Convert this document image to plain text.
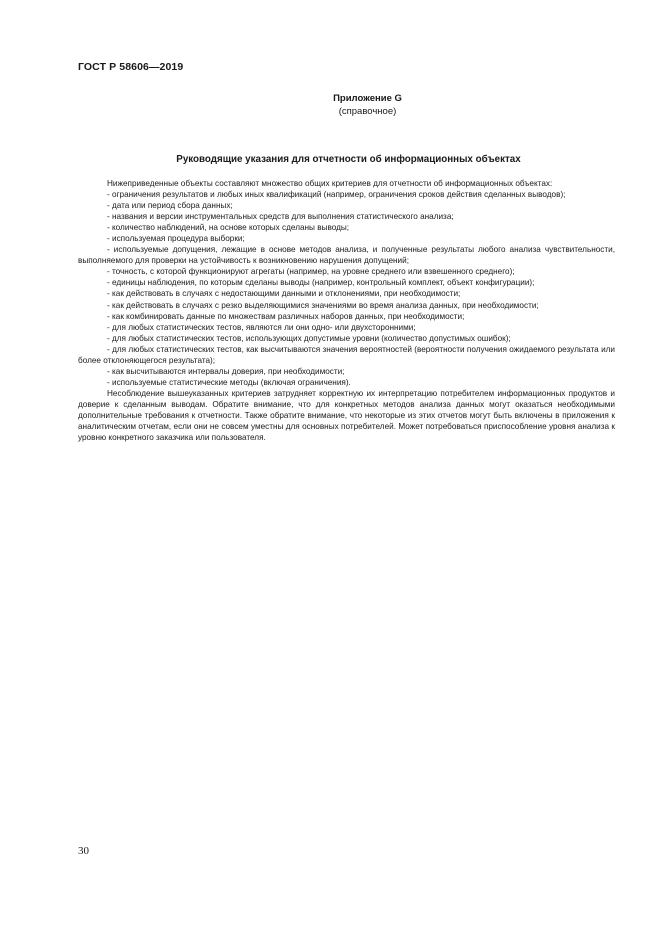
ГОСТ Р 58606—2019
Приложение G
(справочное)
Руководящие указания для отчетности об информационных объектах

Нижеприведенные объекты составляют множество общих критериев для отчетности об информационных объектах:

- ограничения результатов и любых иных квалификаций (например, ограничения сроков действия сделанных выводов);

- дата или период сбора данных;

- названия и версии инструментальных средств для выполнения статистического анализа;

- количество наблюдений, на основе которых сделаны выводы;

- используемая процедура выборки;

- используемые допущения, лежащие в основе методов анализа, и полученные результаты любого анализа чувствительности, выполняемого для проверки на устойчивость к возникновению нарушения допущений;

- точность, с которой функционируют агрегаты (например, на уровне среднего или взвешенного среднего);

- единицы наблюдения, по которым сделаны выводы (например, контрольный комплект, объект конфигурации);

- как действовать в случаях с недостающими данными и отклонениями, при необходимости;

- как действовать в случаях с резко выделяющимися значениями во время анализа данных, при необходимости;

- как комбинировать данные по множествам различных наборов данных, при необходимости;

- для любых статистических тестов, являются ли они одно- или двухсторонними;

- для любых статистических тестов, использующих допустимые уровни (количество допустимых ошибок);

- для любых статистических тестов, как высчитываются значения вероятностей (вероятности получения ожидаемого результата или более отклоняющегося результата);

- как высчитываются интервалы доверия, при необходимости;

- используемые статистические методы (включая ограничения).

Несоблюдение вышеуказанных критериев затрудняет корректную их интерпретацию потребителем информационных продуктов и доверие к сделанным выводам. Обратите внимание, что для конкретных методов анализа данных могут оказаться необходимыми дополнительные требования к отчетности. Также обратите внимание, что некоторые из этих отчетов могут быть включены в приложения к аналитическим отчетам, если они не совсем уместны для основных потребителей. Может потребоваться приспособление уровня анализа к уровню конкретного заказчика или пользователя.

30
